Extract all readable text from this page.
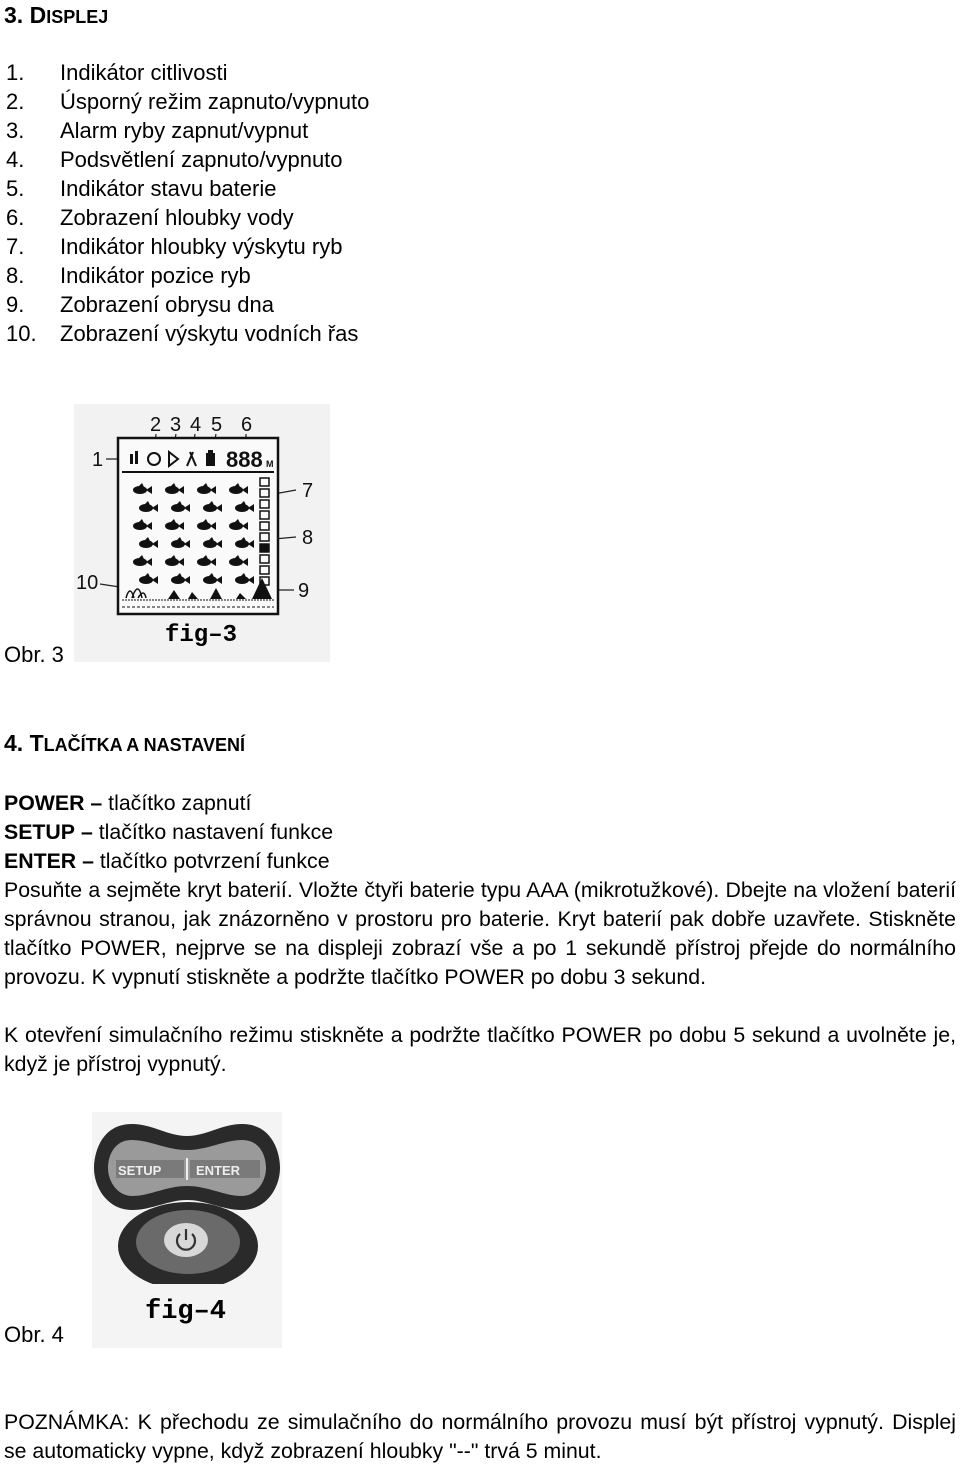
3. DISPLEJ
1. Indikátor citlivosti
2. Úsporný režim zapnuto/vypnuto
3. Alarm ryby zapnut/vypnut
4. Podsvětlení zapnuto/vypnuto
5. Indikátor stavu baterie
6. Zobrazení hloubky vody
7. Indikátor hloubky výskytu ryb
8. Indikátor pozice ryb
9. Zobrazení obrysu dna
10. Zobrazení výskytu vodních řas
Obr. 3
1
2 3 4 5 6
7
8
9
10
888 M
fig–3
4. TLAČÍTKA A NASTAVENÍ
POWER – tlačítko zapnutí
SETUP – tlačítko nastavení funkce
ENTER – tlačítko potvrzení funkce
Posuňte a sejměte kryt baterií. Vložte čtyři baterie typu AAA (mikrotužkové). Dbejte na vložení baterií správnou stranou, jak znázorněno v prostoru pro baterie. Kryt baterií pak dobře uzavřete. Stiskněte tlačítko POWER, nejprve se na displeji zobrazí vše a po 1 sekundě přístroj přejde do normálního provozu. K vypnutí stiskněte a podržte tlačítko POWER po dobu 3 sekund.
K otevření simulačního režimu stiskněte a podržte tlačítko POWER po dobu 5 sekund a uvolněte je, když je přístroj vypnutý.
Obr. 4
SETUP	ENTER
fig–4
POZNÁMKA: K přechodu ze simulačního do normálního provozu musí být přístroj vypnutý. Displej se automaticky vypne, když zobrazení hloubky "--" trvá 5 minut.
